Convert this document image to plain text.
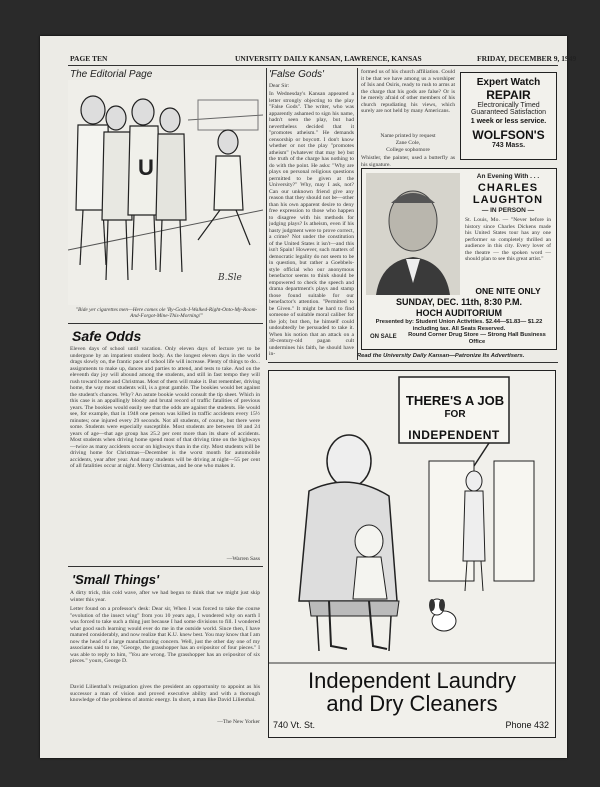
PAGE TEN	UNIVERSITY DAILY KANSAN, LAWRENCE, KANSAS	FRIDAY, DECEMBER 9, 1949
The Editorial Page
U
B.Sle
"Bide yer cigarettes men—Here comes ole 'By-Gosh-I-Walked-Right-Onto-My-Room-And-Forgot-Mine-This-Morning!"
Safe Odds
Eleven days of school until vacation. Only eleven days of lecture yet to be undergone by an impatient student body. As the longest eleven days in the world drags slowly on, the frantic pace of school life will increase. Plenty of things to do... assignments to make up, dances and parties to attend, and tests to take. And on the eleventh day joy will abound among the students, and still in fast tempo they will rush toward home and Christmas. Most of them will make it. But remember, driving home, the way most students will, is a great gamble. The bookies would bet against the student's chances. Why? An astute bookie would consult the tip sheet. Which in this case is an appallingly bloody and brutal record of traffic fatalities of previous years. The bookies would easily see that the odds are against the students. He would see, for example, that in 1948 one person was killed in traffic accidents every 15½ minutes; one injured every 29 seconds. Not all students, of course, but there were some. Students were especially susceptible. Most students are between 18 and 24 years of age—that age group has 25.2 per cent more than its share of accidents. Most students when driving home spend most of that driving time on the highways—twice as many accidents occur on highways than in the city. Most students will be driving home for Christmas—December is the worst month for automobile accidents, year after year. And many students will be driving at night—55 per cent of all fatalities occur at night. Merry Christmas, and be one who makes it.
—Warren Sass
'Small Things'
A dirty trick, this cold wave, after we had begun to think that we might just skip winter this year.
Letter found on a professor's desk: Dear sir, When I was forced to take the course "evolution of the insect wing" from you 10 years ago, I wondered why on earth I was forced to take such a thing just because I had some divisions to fill. I wondered what good such learning would ever do me in the outside world. Since then, I have matured considerably, and now realize that K.U. knew best. You may know that I am now the head of a large manufacturing concern. Well, just the other day one of my associates said to me, "George, the grasshopper has an ovipositor of four pieces." I was able to reply to him, "You are wrong. The grasshopper has an ovipositor of six pieces." yours, George D.
David Lilienthal's resignation gives the president an opportunity to appoint as his successor a man of vision and proved executive ability and with a thorough knowledge of the problems of atomic energy. In short, a man like David Lilienthal.
—The New Yorker
'False Gods'
Dear Sir:
In Wednesday's Kansan appeared a letter strongly objecting to the play "False Gods". The writer, who was apparently ashamed to sign his name, hadn't seen the play, but had nevertheless decided that it "promotes atheism." He demands censorship or boycott. I don't know whether or not the play "promotes atheism" (whatever that may be) but the truth of the charge has nothing to do with the point. He asks: "Why are plays on personal religious questions permitted to be given at the University?" Why, may I ask, not? Can our unknown friend give any reason that they should not be—other than his own apparent desire to deny free expression to those who happen to disagree with his methods for judging plays? Is atheism, even if his hasty judgment were to prove correct, a crime? Not under the constitution of the United States it isn't—and this isn't Spain! However, such matters of democratic legality do not seem to be in question, but rather a Goebbels-style official who our anonymous benefactor seems to think should be empowered to check the speech and drama department's plays and stamp those found suitable for our benefactor's attention. "Permitted to be Given." It might be hard to find someone of suitable moral caliber for the job; but then, he himself could undoubtedly be persuaded to take it. When his notion that an attack on a 30-century-old pagan cult undermines his faith, he should have in-
formed us of his church affiliation. Could it be that we have among us a worshiper of Isis and Osiris, ready to rush to arms at the charge that his gods are false? Or is he merely afraid of other members of his church repudiating his views, which surely are not held by many Americans.
Name printed by request
Zane Cole,
College sophomore
Whistler, the painter, used a butterfly as his signature.
Expert Watch
REPAIR
Electronically Timed
Guaranteed Satisfaction
1 week or less service.
WOLFSON'S
743 Mass.
An Evening With . . .
CHARLES
LAUGHTON
— IN PERSON —
St. Louis, Mo. — "Never before in history since Charles Dickens made his United States tour has any one performer so completely thrilled an audience in this city. Every lover of the theatre — the spoken word — should plan to see this great artist."
ONE NITE ONLY
SUNDAY, DEC. 11th, 8:30 P.M.
HOCH AUDITORIUM
Presented by: Student Union Activities. $2.44—$1.83— $1.22 including tax. All Seats Reserved.
ON SALE	Round Corner Drug Store — Strong Hall Business Office
Read the University Daily Kansan—Patronize Its Advertisers.
THERE'S A JOB
FOR
INDEPENDENT
Independent Laundry
and Dry Cleaners
740 Vt. St.	Phone 432
